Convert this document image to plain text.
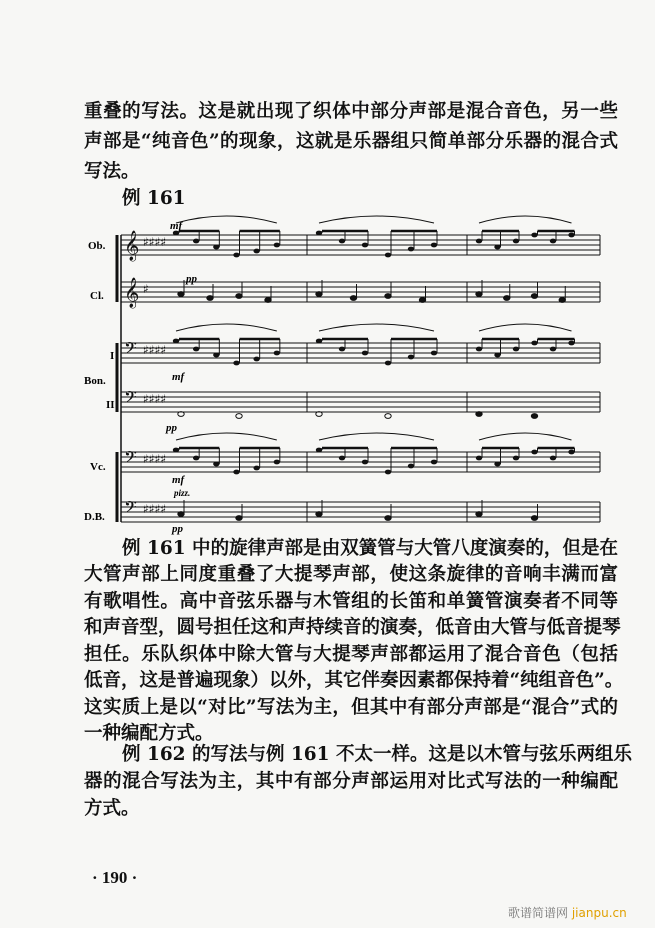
重叠的写法。这是就出现了织体中部分声部是混合音色，另一些
声部是“纯音色”的现象，这就是乐器组只简单部分乐器的混合式
写法。
例 161
𝄞 ♯♯♯♯
𝄞 ♯
𝄢 ♯♯♯♯
𝄢 ♯♯♯♯
𝄢 ♯♯♯♯
𝄢 ♯♯♯♯
Ob.
Cl.
I
Bon.
II
Vc.
D.B.
mf
pp
mf
pp
mf
pizz.
pp
例 161 中的旋律声部是由双簧管与大管八度演奏的，但是在
大管声部上同度重叠了大提琴声部，使这条旋律的音响丰满而富
有歌唱性。高中音弦乐器与木管组的长笛和单簧管演奏者不同等
和声音型，圆号担任这和声持续音的演奏，低音由大管与低音提琴
担任。乐队织体中除大管与大提琴声部都运用了混合音色（包括
低音，这是普遍现象）以外，其它伴奏因素都保持着“纯组音色”。
这实质上是以“对比”写法为主，但其中有部分声部是“混合”式的
一种编配方式。
例 162 的写法与例 161 不太一样。这是以木管与弦乐两组乐
器的混合写法为主，其中有部分声部运用对比式写法的一种编配
方式。
· 190 ·
歌谱简谱网 jianpu.cn
